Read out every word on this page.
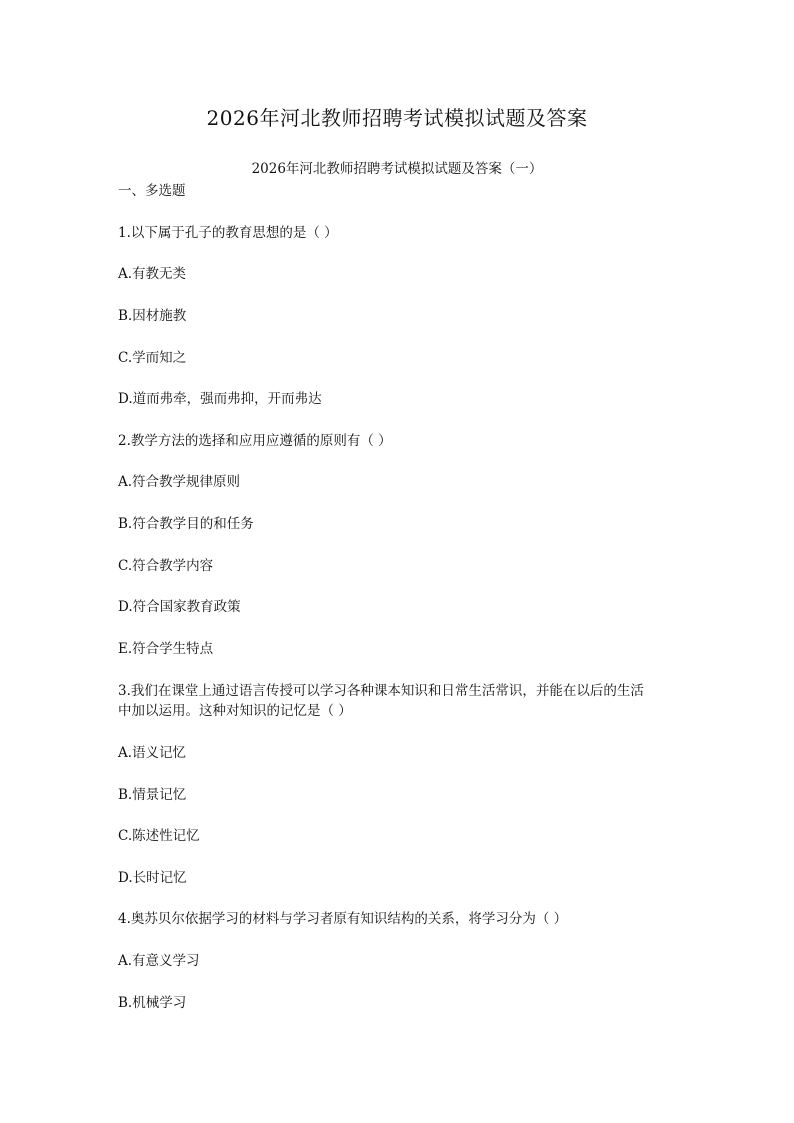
2026年河北教师招聘考试模拟试题及答案
2026年河北教师招聘考试模拟试题及答案（一）
一、多选题
1.以下属于孔子的教育思想的是（ ）
A.有教无类
B.因材施教
C.学而知之
D.道而弗牵，强而弗抑，开而弗达
2.教学方法的选择和应用应遵循的原则有（ ）
A.符合教学规律原则
B.符合教学目的和任务
C.符合教学内容
D.符合国家教育政策
E.符合学生特点
3.我们在课堂上通过语言传授可以学习各种课本知识和日常生活常识，并能在以后的生活
中加以运用。这种对知识的记忆是（ ）
A.语义记忆
B.情景记忆
C.陈述性记忆
D.长时记忆
4.奥苏贝尔依据学习的材料与学习者原有知识结构的关系，将学习分为（ ）
A.有意义学习
B.机械学习
